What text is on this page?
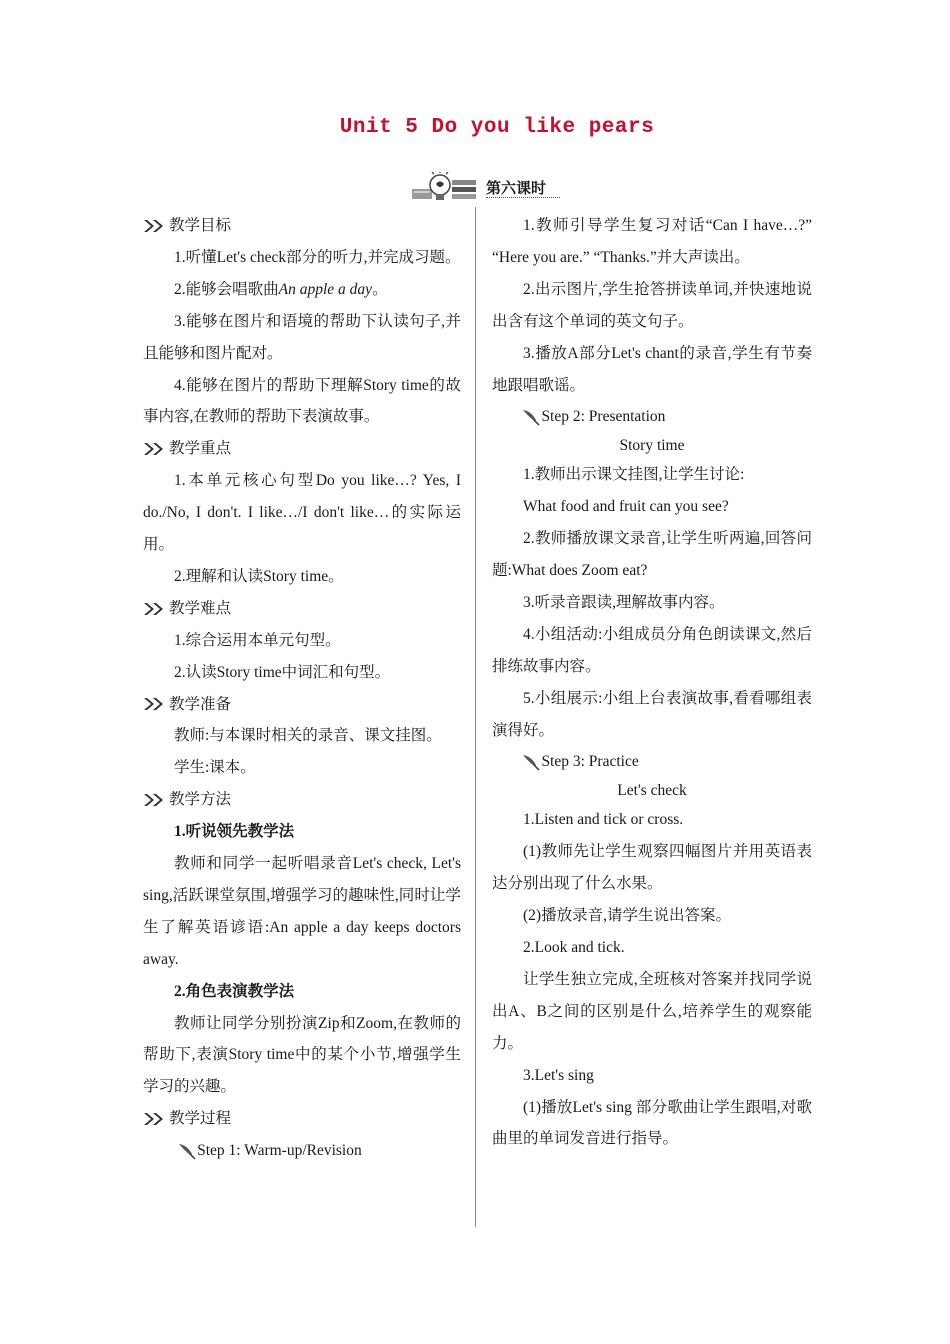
Unit 5 Do you like pears
第六课时
教学目标
1.听懂Let's check部分的听力,并完成习题。
2.能够会唱歌曲An apple a day。
3.能够在图片和语境的帮助下认读句子,并且能够和图片配对。
4.能够在图片的帮助下理解Story time的故事内容,在教师的帮助下表演故事。
教学重点
1.本单元核心句型Do you like…? Yes, I do./No, I don't. I like…/I don't like…的实际运用。
2.理解和认读Story time。
教学难点
1.综合运用本单元句型。
2.认读Story time中词汇和句型。
教学准备
教师:与本课时相关的录音、课文挂图。
学生:课本。
教学方法
1.听说领先教学法
教师和同学一起听唱录音Let's check, Let's sing,活跃课堂氛围,增强学习的趣味性,同时让学生了解英语谚语:An apple a day keeps doctors away.
2.角色表演教学法
教师让同学分别扮演Zip和Zoom,在教师的帮助下,表演Story time中的某个小节,增强学生学习的兴趣。
教学过程
Step 1: Warm-up/Revision
1.教师引导学生复习对话“Can I have…?” “Here you are.” “Thanks.”并大声读出。
2.出示图片,学生抢答拼读单词,并快速地说出含有这个单词的英文句子。
3.播放A部分Let's chant的录音,学生有节奏地跟唱歌谣。
Step 2: Presentation
Story time
1.教师出示课文挂图,让学生讨论:
What food and fruit can you see?
2.教师播放课文录音,让学生听两遍,回答问题:What does Zoom eat?
3.听录音跟读,理解故事内容。
4.小组活动:小组成员分角色朗读课文,然后排练故事内容。
5.小组展示:小组上台表演故事,看看哪组表演得好。
Step 3: Practice
Let's check
1.Listen and tick or cross.
(1)教师先让学生观察四幅图片并用英语表达分别出现了什么水果。
(2)播放录音,请学生说出答案。
2.Look and tick.
让学生独立完成,全班核对答案并找同学说出A、B之间的区别是什么,培养学生的观察能力。
3.Let's sing
(1)播放Let's sing 部分歌曲让学生跟唱,对歌曲里的单词发音进行指导。
